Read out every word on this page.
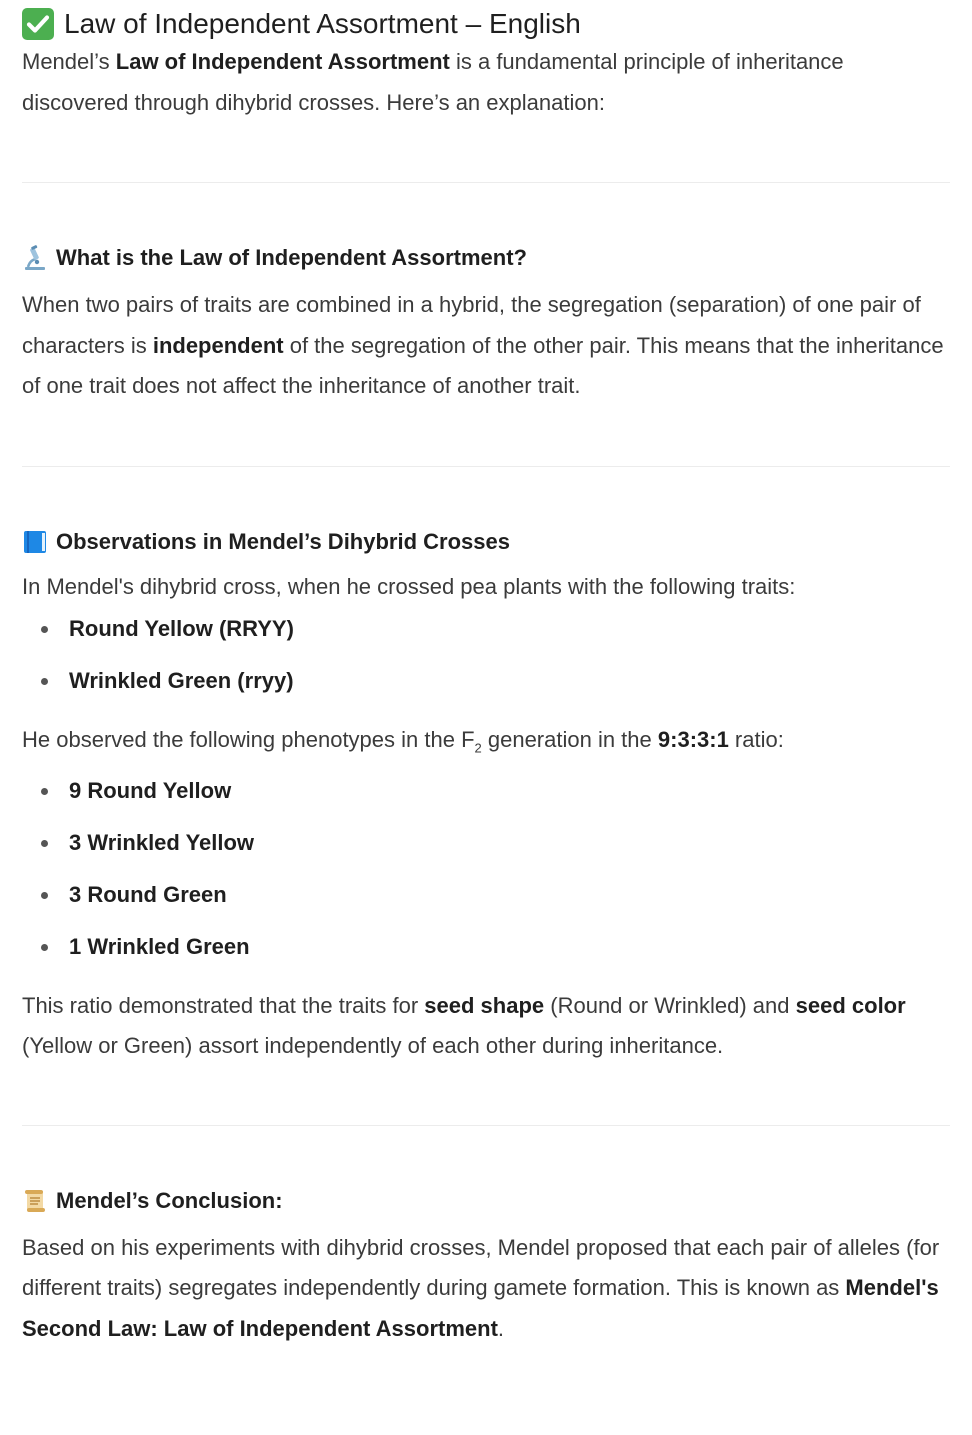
Law of Independent Assortment – English

Mendel’s Law of Independent Assortment is a fundamental principle of inheritance discovered through dihybrid crosses. Here’s an explanation:

What is the Law of Independent Assortment?

When two pairs of traits are combined in a hybrid, the segregation (separation) of one pair of characters is independent of the segregation of the other pair. This means that the inheritance of one trait does not affect the inheritance of another trait.

Observations in Mendel’s Dihybrid Crosses

In Mendel's dihybrid cross, when he crossed pea plants with the following traits:

Round Yellow (RRYY)
Wrinkled Green (rryy)

He observed the following phenotypes in the $F_2$ generation in the 9:3:3:1 ratio:

9 Round Yellow
3 Wrinkled Yellow
3 Round Green
1 Wrinkled Green

This ratio demonstrated that the traits for seed shape (Round or Wrinkled) and seed color (Yellow or Green) assort independently of each other during inheritance.

Mendel’s Conclusion:

Based on his experiments with dihybrid crosses, Mendel proposed that each pair of alleles (for different traits) segregates independently during gamete formation. This is known as Mendel's Second Law: Law of Independent Assortment.
